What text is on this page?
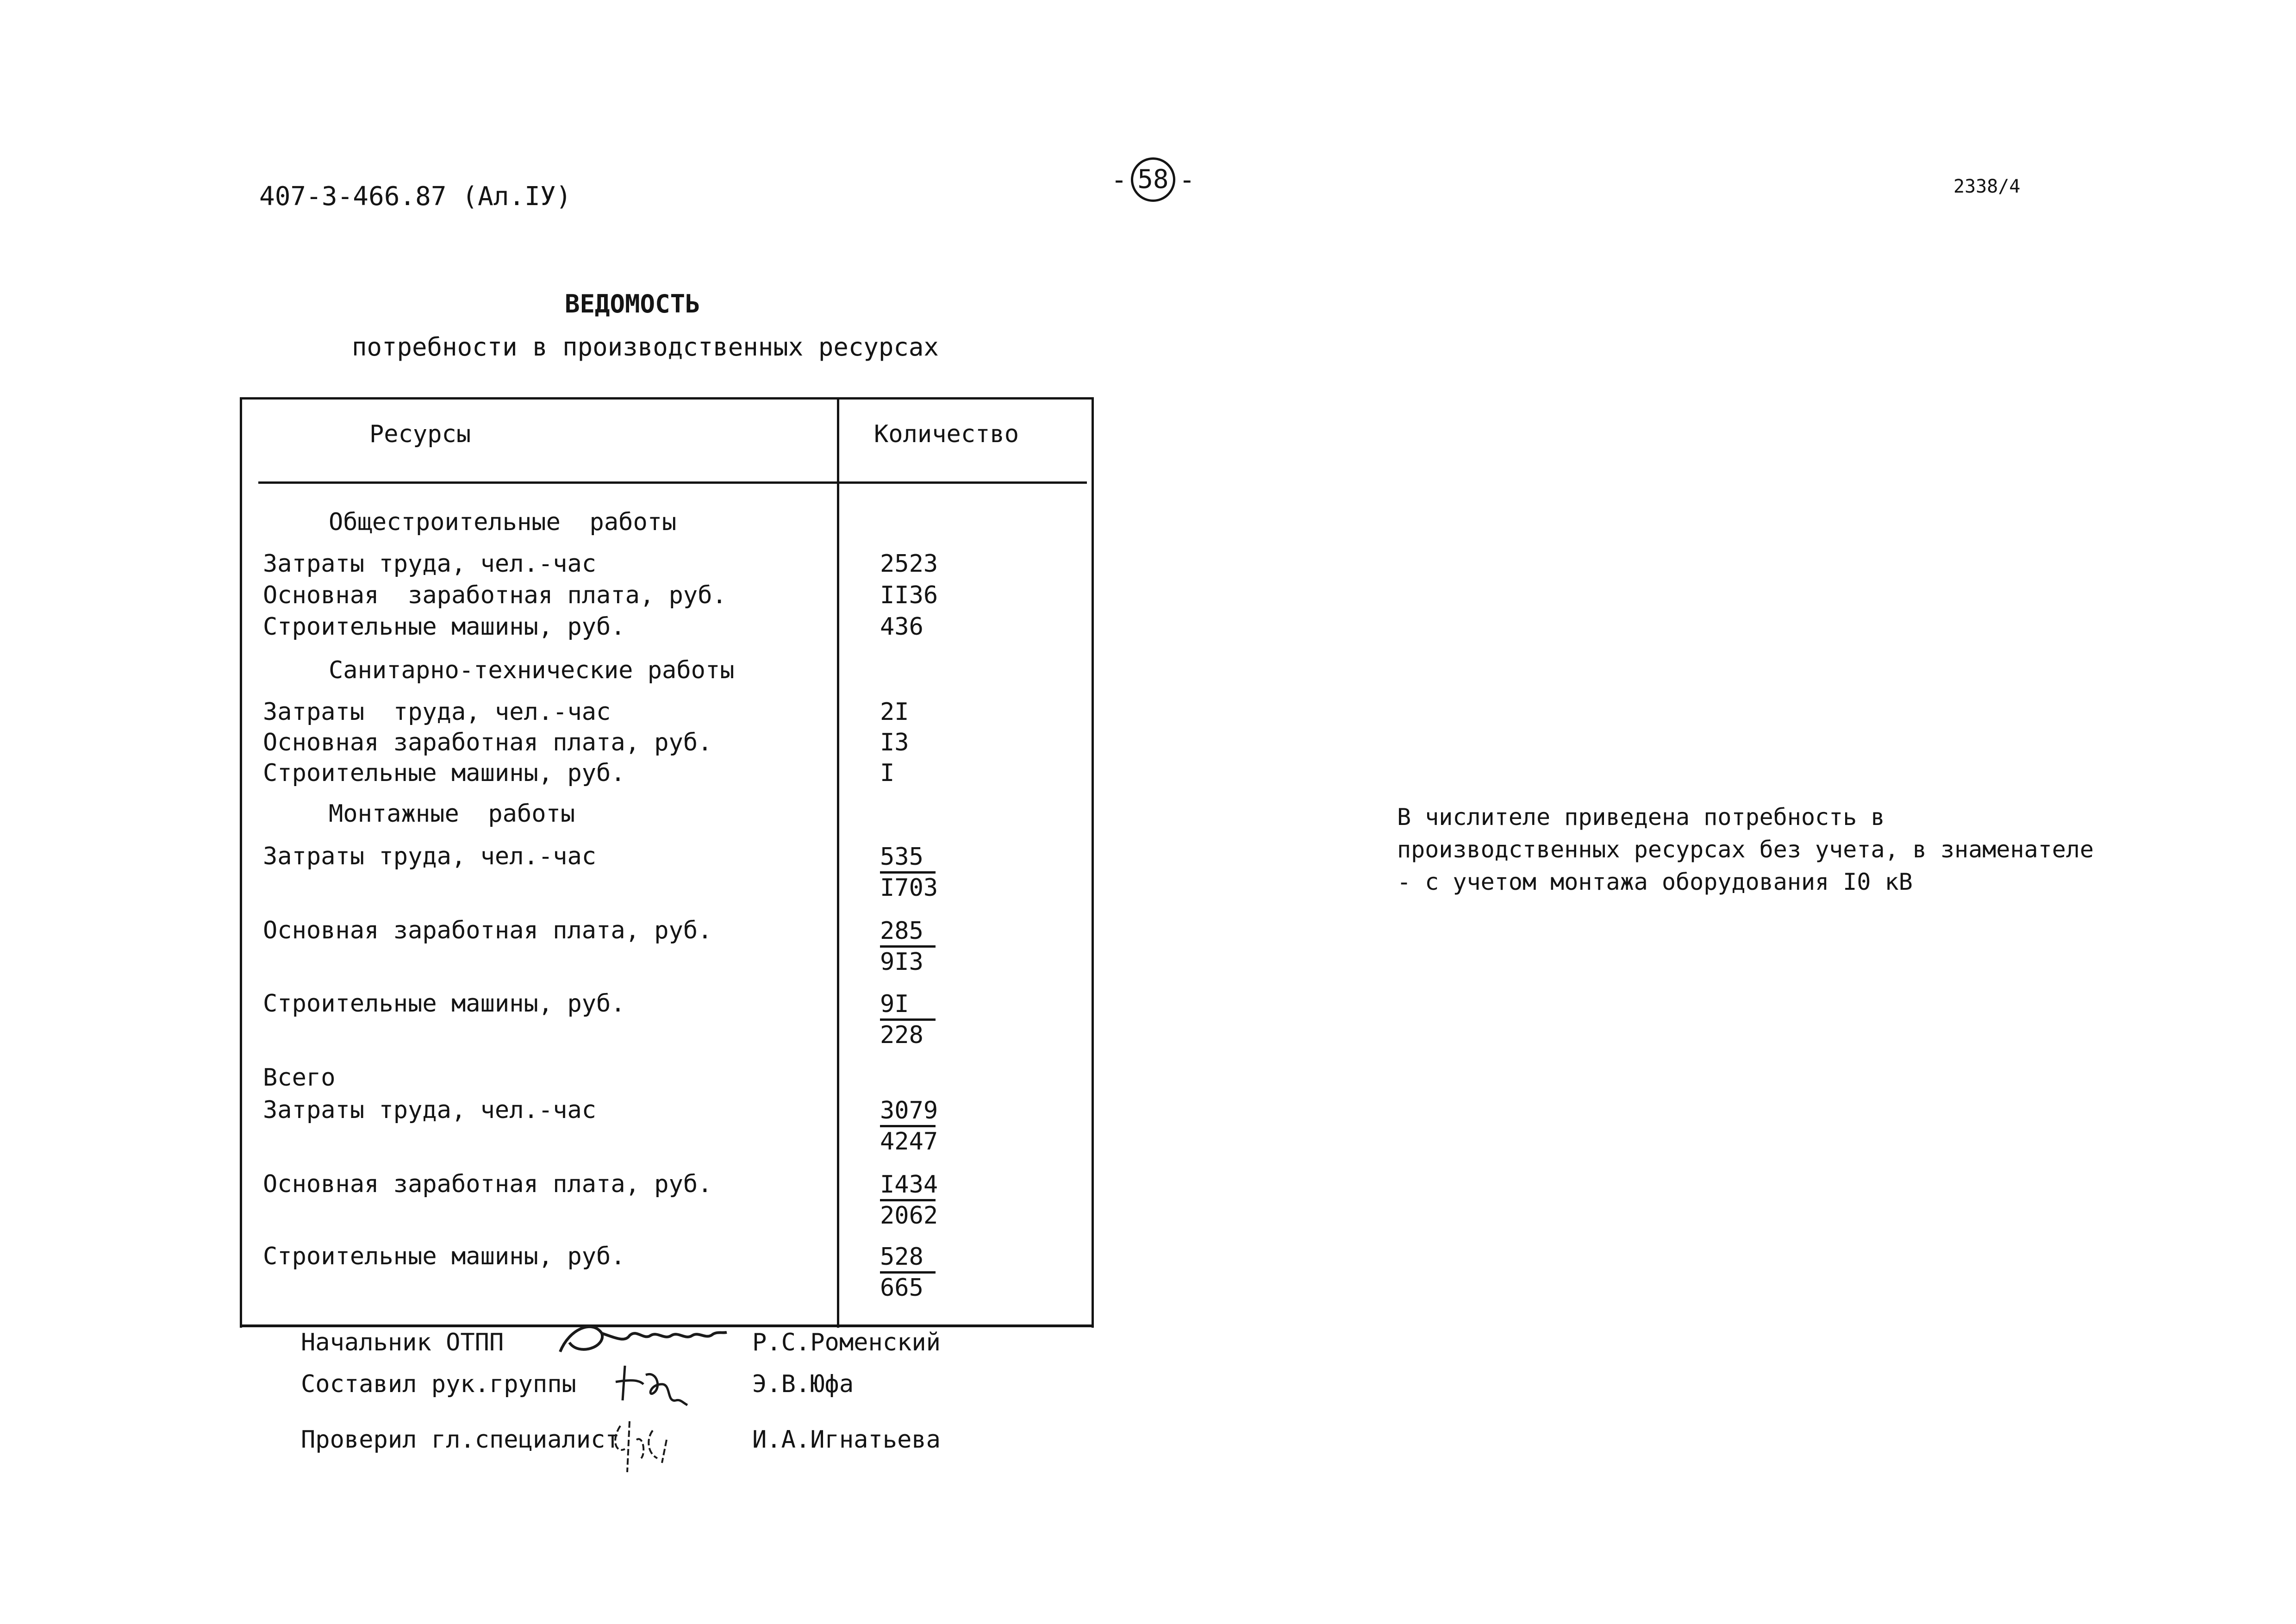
407-3-466.87 (Ал.IУ)
- 58 -	2338/4
ВЕДОМОСТЬ
потребности в производственных ресурсах
Ресурсы	Количество
Общестроительные  работы
Затраты труда, чел.-час	2523
Основная  заработная плата, руб.	II36
Строительные машины, руб.	436
Санитарно-технические работы
Затраты  труда, чел.-час	2I
Основная заработная плата, руб.	I3
Строительные машины, руб.	I
Монтажные  работы
Затраты труда, чел.-час	$\frac{535}{I703}$
Основная заработная плата, руб.	$\frac{285}{9I3}$
Строительные машины, руб.	$\frac{9I}{228}$
Всего
Затраты труда, чел.-час	$\frac{3079}{4247}$
Основная заработная плата, руб.	$\frac{I434}{2062}$
Строительные машины, руб.	$\frac{528}{665}$
В числителе приведена потребность в производственных ресурсах без учета, в знаменателе - с учетом монтажа оборудования I0 кВ
Начальник ОТПП	Р.С.Роменский
Составил рук.группы	Э.В.Юфа
Проверил гл.специалист	И.А.Игнатьева
